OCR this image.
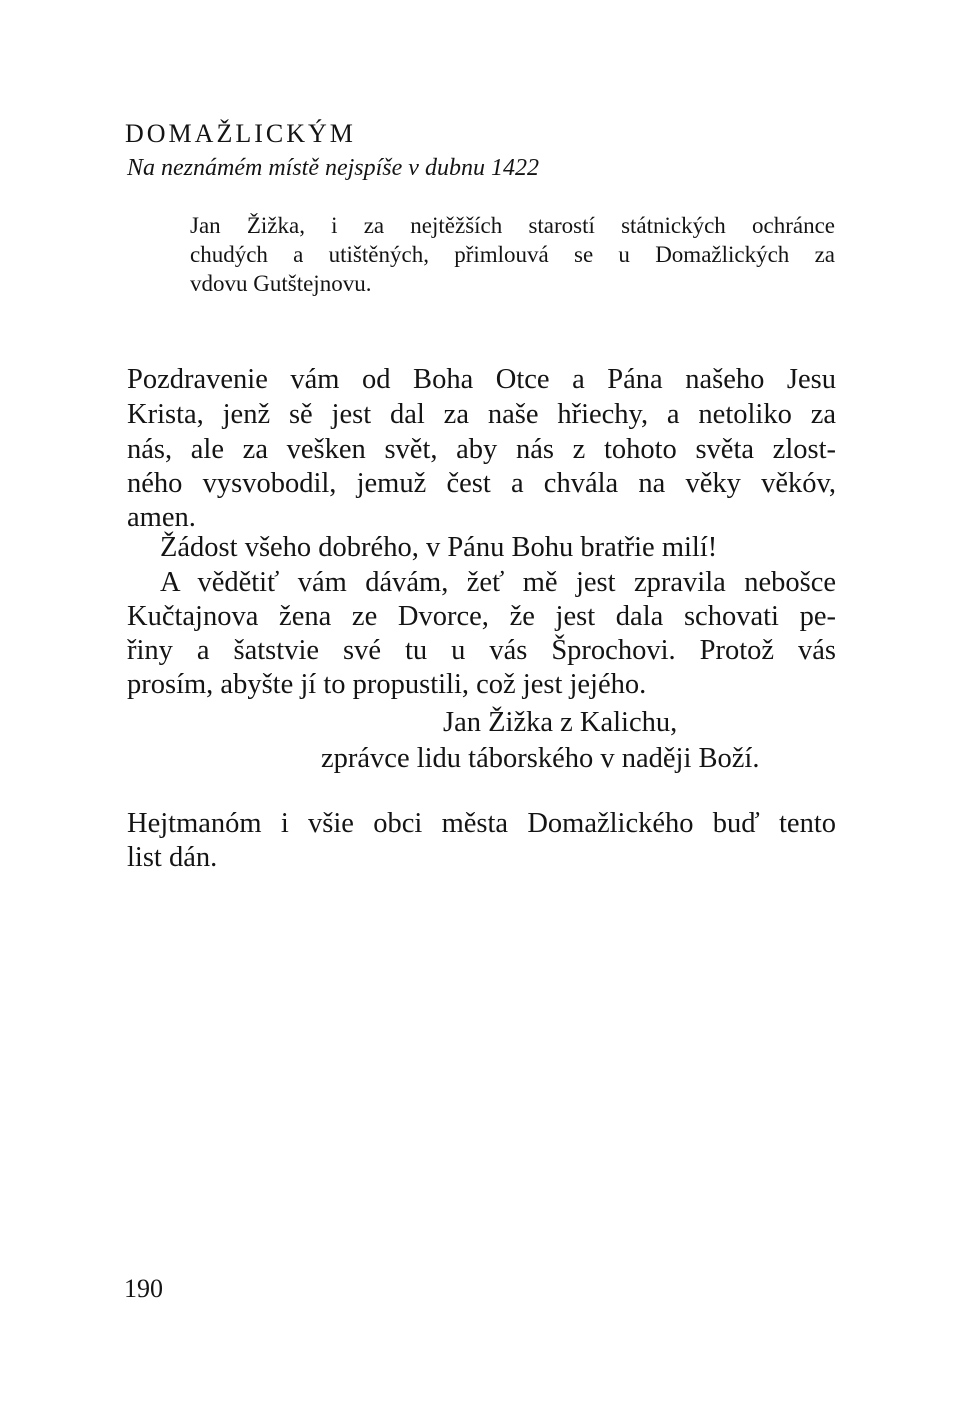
DOMAŽLICKÝM
Na neznámém místě nejspíše v dubnu 1422
Jan Žižka, i za nejtěžších starostí státnických ochránce
chudých a utištěných, přimlouvá se u Domažlických za
vdovu Gutštejnovu.
Pozdravenie vám od Boha Otce a Pána našeho Jesu
Krista, jenž sě jest dal za naše hřiechy, a netoliko za
nás, ale za vešken svět, aby nás z tohoto světa zlost-
ného vysvobodil, jemuž čest a chvála na věky věkóv,
amen.
Žádost všeho dobrého, v Pánu Bohu bratřie milí!
A vědětiť vám dávám, žeť mě jest zpravila nebošce
Kučtajnova žena ze Dvorce, že jest dala schovati pe-
řiny a šatstvie své tu u vás Šprochovi. Protož vás
prosím, abyšte jí to propustili, což jest jejého.
Jan Žižka z Kalichu,
zprávce lidu táborského v naději Boží.
Hejtmanóm i všie obci města Domažlického buď tento
list dán.
190
